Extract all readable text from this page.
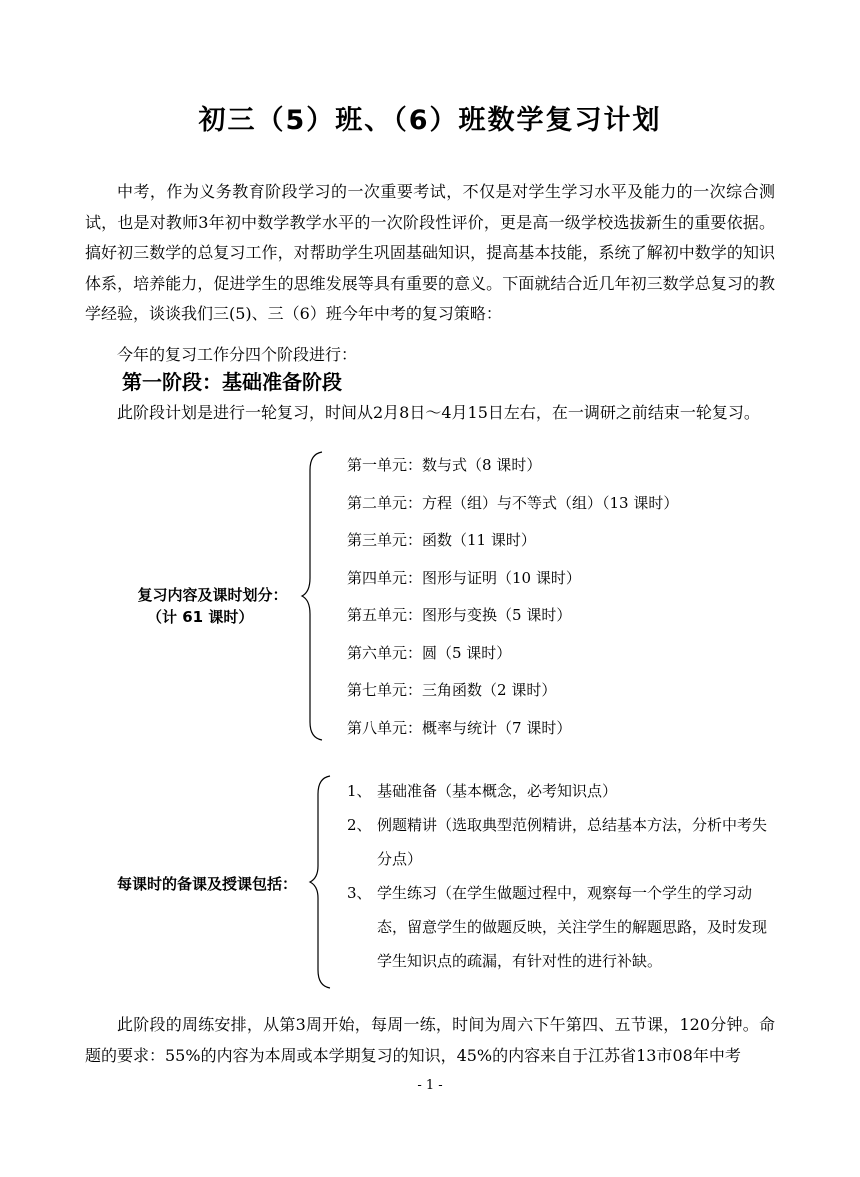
初三（5）班、（6）班数学复习计划
中考，作为义务教育阶段学习的一次重要考试，不仅是对学生学习水平及能力的一次综合测试，也是对教师3年初中数学教学水平的一次阶段性评价，更是高一级学校选拔新生的重要依据。搞好初三数学的总复习工作，对帮助学生巩固基础知识，提高基本技能，系统了解初中数学的知识体系，培养能力，促进学生的思维发展等具有重要的意义。下面就结合近几年初三数学总复习的教学经验，谈谈我们三(5)、三（6）班今年中考的复习策略：
今年的复习工作分四个阶段进行：
第一阶段：基础准备阶段
此阶段计划是进行一轮复习，时间从2月8日～4月15日左右，在一调研之前结束一轮复习。
复习内容及课时划分：
（计 61 课时）
第一单元：数与式（8 课时）
第二单元：方程（组）与不等式（组）（13 课时）
第三单元：函数（11 课时）
第四单元：图形与证明（10 课时）
第五单元：图形与变换（5 课时）
第六单元：圆（5 课时）
第七单元：三角函数（2 课时）
第八单元：概率与统计（7 课时）
每课时的备课及授课包括：
1、 基础准备（基本概念，必考知识点）
2、 例题精讲（选取典型范例精讲，总结基本方法，分析中考失分点）
3、 学生练习（在学生做题过程中，观察每一个学生的学习动态，留意学生的做题反映，关注学生的解题思路，及时发现学生知识点的疏漏，有针对性的进行补缺。
此阶段的周练安排，从第3周开始，每周一练，时间为周六下午第四、五节课，120分钟。命题的要求：55%的内容为本周或本学期复习的知识，45%的内容来自于江苏省13市08年中考
- 1 -
